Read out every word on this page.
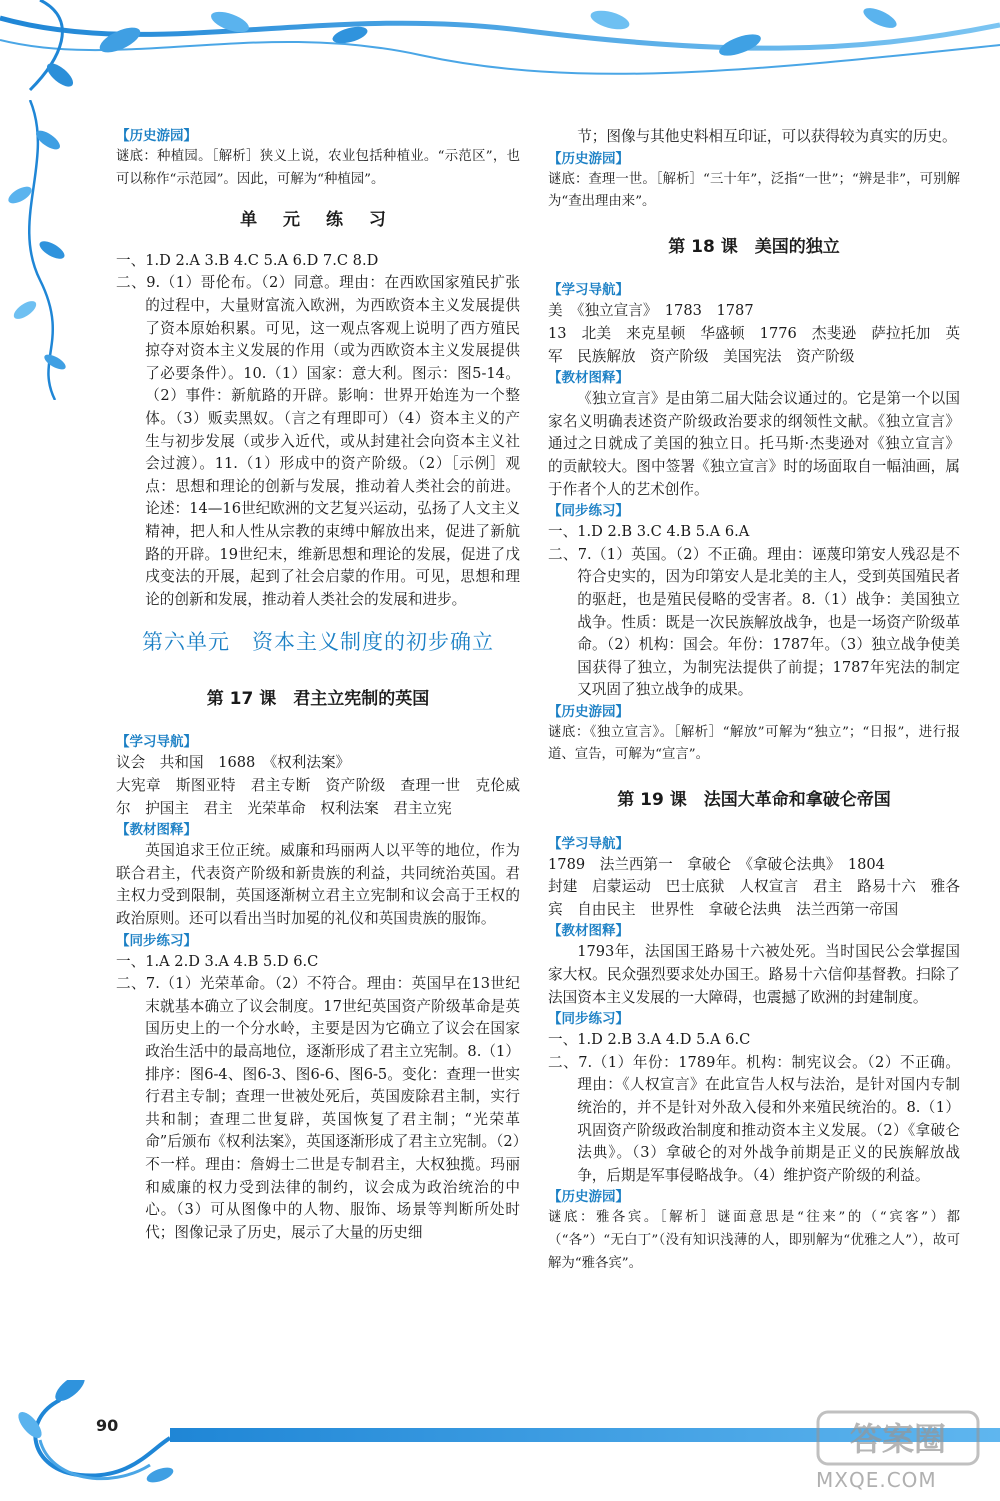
【历史游园】

谜底：种植园。［解析］狭义上说，农业包括种植业。“示范区”，也可以称作“示范园”。因此，可解为“种植园”。

单 元 练 习

一、1.D 2.A 3.B 4.C 5.A 6.D 7.C 8.D

二、9.（1）哥伦布。（2）同意。理由：在西欧国家殖民扩张的过程中，大量财富流入欧洲，为西欧资本主义发展提供了资本原始积累。可见，这一观点客观上说明了西方殖民掠夺对资本主义发展的作用（或为西欧资本主义发展提供了必要条件）。10.（1）国家：意大利。图示：图5-14。（2）事件：新航路的开辟。影响：世界开始连为一个整体。（3）贩卖黑奴。（言之有理即可）（4）资本主义的产生与初步发展（或步入近代，或从封建社会向资本主义社会过渡）。11.（1）形成中的资产阶级。（2）［示例］观点：思想和理论的创新与发展，推动着人类社会的前进。论述：14—16世纪欧洲的文艺复兴运动，弘扬了人文主义精神，把人和人性从宗教的束缚中解放出来，促进了新航路的开辟。19世纪末，维新思想和理论的发展，促进了戊戌变法的开展，起到了社会启蒙的作用。可见，思想和理论的创新和发展，推动着人类社会的发展和进步。

第六单元　资本主义制度的初步确立
第 17 课　君主立宪制的英国

【学习导航】

议会　共和国　1688　《权利法案》

大宪章　斯图亚特　君主专断　资产阶级　查理一世　克伦威尔　护国主　君主　光荣革命　权利法案　君主立宪

【教材图释】

英国追求王位正统。威廉和玛丽两人以平等的地位，作为联合君主，代表资产阶级和新贵族的利益，共同统治英国。君主权力受到限制，英国逐渐树立君主立宪制和议会高于王权的政治原则。还可以看出当时加冕的礼仪和英国贵族的服饰。

【同步练习】

一、1.A 2.D 3.A 4.B 5.D 6.C

二、7.（1）光荣革命。（2）不符合。理由：英国早在13世纪末就基本确立了议会制度。17世纪英国资产阶级革命是英国历史上的一个分水岭，主要是因为它确立了议会在国家政治生活中的最高地位，逐渐形成了君主立宪制。8.（1）排序：图6-4、图6-3、图6-6、图6-5。变化：查理一世实行君主专制；查理一世被处死后，英国废除君主制，实行共和制；查理二世复辟，英国恢复了君主制；“光荣革命”后颁布《权利法案》，英国逐渐形成了君主立宪制。（2）不一样。理由：詹姆士二世是专制君主，大权独揽。玛丽和威廉的权力受到法律的制约，议会成为政治统治的中心。（3）可从图像中的人物、服饰、场景等判断所处时代；图像记录了历史，展示了大量的历史细

节；图像与其他史料相互印证，可以获得较为真实的历史。

【历史游园】

谜底：查理一世。［解析］“三十年”，泛指“一世”；“辨是非”，可别解为“查出理由来”。

第 18 课　美国的独立

【学习导航】

美　《独立宣言》　1783　1787

13　北美　来克星顿　华盛顿　1776　杰斐逊　萨拉托加　英军　民族解放　资产阶级　美国宪法　资产阶级

【教材图释】

《独立宣言》是由第二届大陆会议通过的。它是第一个以国家名义明确表述资产阶级政治要求的纲领性文献。《独立宣言》通过之日就成了美国的独立日。托马斯·杰斐逊对《独立宣言》的贡献较大。图中签署《独立宣言》时的场面取自一幅油画，属于作者个人的艺术创作。

【同步练习】

一、1.D 2.B 3.C 4.B 5.A 6.A

二、7.（1）英国。（2）不正确。理由：诬蔑印第安人残忍是不符合史实的，因为印第安人是北美的主人，受到英国殖民者的驱赶，也是殖民侵略的受害者。8.（1）战争：美国独立战争。性质：既是一次民族解放战争，也是一场资产阶级革命。（2）机构：国会。年份：1787年。（3）独立战争使美国获得了独立，为制宪法提供了前提；1787年宪法的制定又巩固了独立战争的成果。

【历史游园】

谜底：《独立宣言》。［解析］“解放”可解为“独立”；“日报”，进行报道、宣告，可解为“宣言”。

第 19 课　法国大革命和拿破仑帝国

【学习导航】

1789　法兰西第一　拿破仑　《拿破仑法典》　1804

封建　启蒙运动　巴士底狱　人权宣言　君主　路易十六　雅各宾　自由民主　世界性　拿破仑法典　法兰西第一帝国

【教材图释】

1793年，法国国王路易十六被处死。当时国民公会掌握国家大权。民众强烈要求处办国王。路易十六信仰基督教。扫除了法国资本主义发展的一大障碍，也震撼了欧洲的封建制度。

【同步练习】

一、1.D 2.B 3.A 4.D 5.A 6.C

二、7.（1）年份：1789年。机构：制宪议会。（2）不正确。理由：《人权宣言》在此宣告人权与法治，是针对国内专制统治的，并不是针对外敌入侵和外来殖民统治的。8.（1）巩固资产阶级政治制度和推动资本主义发展。（2）《拿破仑法典》。（3）拿破仑的对外战争前期是正义的民族解放战争，后期是军事侵略战争。（4）维护资产阶级的利益。

【历史游园】

谜底：雅各宾。［解析］谜面意思是“往来”的（“宾客”）都（“各”）“无白丁”（没有知识浅薄的人，即别解为“优雅之人”），故可解为“雅各宾”。

90	答案圈
MXQE.COM
